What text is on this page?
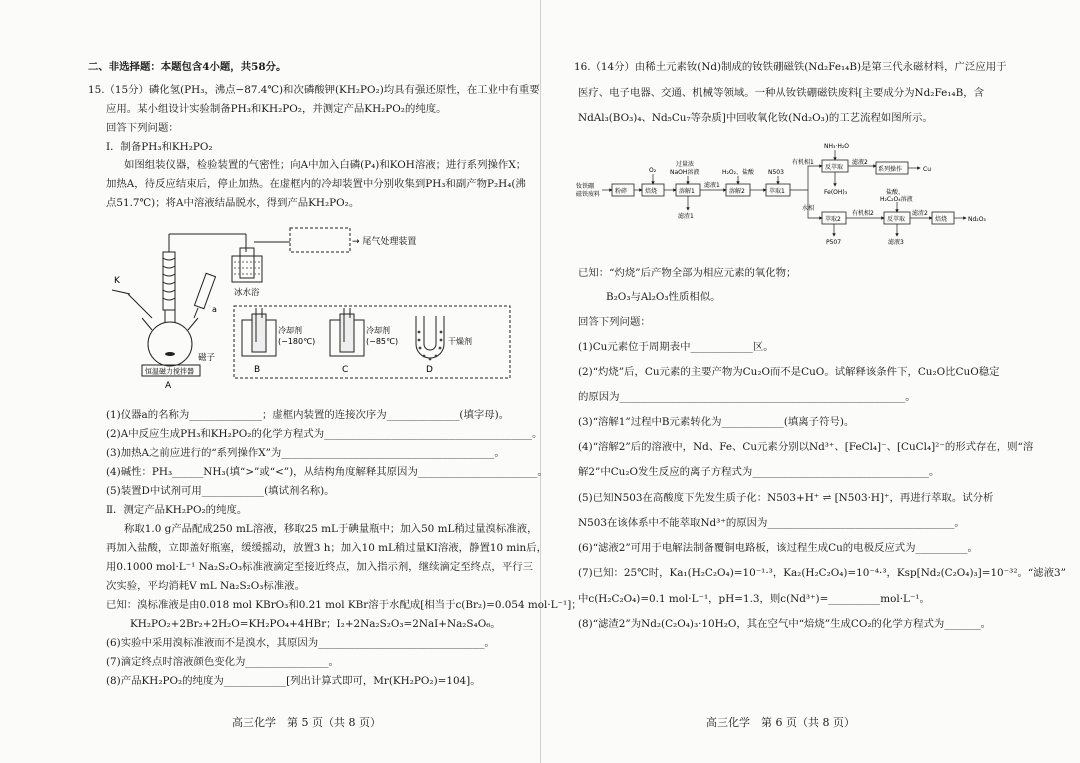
二、非选择题：本题包含4小题，共58分。
15.（15分）磷化氢(PH₃，沸点−87.4℃)和次磷酸钾(KH₂PO₂)均具有强还原性，在工业中有重要
应用。某小组设计实验制备PH₃和KH₂PO₂，并测定产品KH₂PO₂的纯度。
回答下列问题：
Ⅰ．制备PH₃和KH₂PO₂
如图组装仪器，检验装置的气密性；向A中加入白磷(P₄)和KOH溶液；进行系列操作X；
加热A，待反应结束后，停止加热。在虚框内的冷却装置中分别收集到PH₃和副产物P₂H₄(沸
点51.7℃)；将A中溶液结晶脱水，得到产品KH₂PO₂。
K
a
磁子
恒温磁力搅拌器
A
冰水浴
→ 尾气处理装置
冷却剂
(−180℃)
B
冷却剂
(−85℃)
C
干燥剂
D
(1)仪器a的名称为______________；虚框内装置的连接次序为______________(填字母)。
(2)A中反应生成PH₃和KH₂PO₂的化学方程式为________________________________________。
(3)加热A之前应进行的“系列操作X”为_________________________________________。
(4)碱性：PH₃______NH₃(填“>”或“<”)，从结构角度解释其原因为_______________________。
(5)装置D中试剂可用____________(填试剂名称)。
Ⅱ．测定产品KH₂PO₂的纯度。
称取1.0 g产品配成250 mL溶液，移取25 mL于碘量瓶中；加入50 mL稍过量溴标准液，
再加入盐酸，立即盖好瓶塞，缓缓摇动，放置3 h；加入10 mL稍过量KI溶液，静置10 min后，
用0.1000 mol·L⁻¹ Na₂S₂O₃标准液滴定至接近终点，加入指示剂，继续滴定至终点，平行三
次实验，平均消耗V mL Na₂S₂O₃标准液。
已知：溴标准液是由0.018 mol KBrO₃和0.21 mol KBr溶于水配成[相当于c(Br₂)=0.054 mol·L⁻¹]；
KH₂PO₂+2Br₂+2H₂O=KH₂PO₄+4HBr；I₂+2Na₂S₂O₃=2NaI+Na₂S₄O₆。
(6)实验中采用溴标准液而不是溴水，其原因为________________________________。
(7)滴定终点时溶液颜色变化为________________。
(8)产品KH₂PO₂的纯度为____________[列出计算式即可，Mr(KH₂PO₂)=104]。
高三化学　第 5 页（共 8 页）
16.（14分）由稀土元素钕(Nd)制成的钕铁硼磁铁(Nd₂Fe₁₄B)是第三代永磁材料，广泛应用于
医疗、电子电器、交通、机械等领域。一种从钕铁硼磁铁废料[主要成分为Nd₂Fe₁₄B，含
NdAl₃(BO₃)₄、Nd₅Cu₇等杂质]中回收氧化钕(Nd₂O₃)的工艺流程如图所示。
钕铁硼
磁铁废料 粉碎	焙烧
O₂
过量浓
NaOH溶液
溶解1
滤渣1
滤液1
H₂O₂、盐酸
溶解2
N503
萃取1
有机相1
NH₃·H₂O
反萃取
滤液2
系列操作	Cu
Fe(OH)₃
水相
萃取2
有机相2
反萃取
盐酸、
H₂C₂O₄溶液
滤渣2
焙烧	Nd₂O₃
P507	滤液3
已知：“灼烧”后产物全部为相应元素的氧化物；
B₂O₃与Al₂O₃性质相似。
回答下列问题：
(1)Cu元素位于周期表中____________区。
(2)“灼烧”后，Cu元素的主要产物为Cu₂O而不是CuO。试解释该条件下，Cu₂O比CuO稳定
的原因为_______________________________________________________。
(3)“溶解1”过程中B元素转化为____________(填离子符号)。
(4)“溶解2”后的溶液中，Nd、Fe、Cu元素分别以Nd³⁺、[FeCl₄]⁻、[CuCl₄]²⁻的形式存在，则“溶
解2”中Cu₂O发生反应的离子方程式为__________________________________。
(5)已知N503在高酸度下先发生质子化：N503+H⁺ ⇌ [N503·H]⁺，再进行萃取。试分析
N503在该体系中不能萃取Nd³⁺的原因为____________________________________。
(6)“滤液2”可用于电解法制备覆铜电路板，该过程生成Cu的电极反应式为__________。
(7)已知：25℃时，Ka₁(H₂C₂O₄)=10⁻¹·³，Ka₂(H₂C₂O₄)=10⁻⁴·³，Ksp[Nd₂(C₂O₄)₃]=10⁻³²。“滤液3”
中c(H₂C₂O₄)=0.1 mol·L⁻¹，pH=1.3，则c(Nd³⁺)=__________mol·L⁻¹。
(8)“滤渣2”为Nd₂(C₂O₄)₃·10H₂O，其在空气中“焙烧”生成CO₂的化学方程式为_______。
高三化学　第 6 页（共 8 页）
